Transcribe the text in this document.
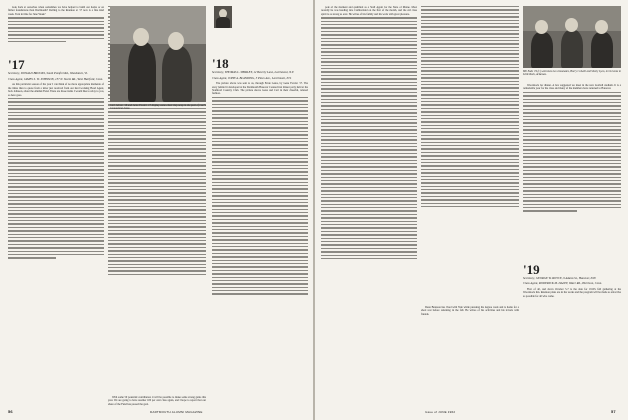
look back at ourselves when sometimes we have helped to build our home or on firmer foundations than Dartmouth? Rolling to the Reunion at '17 now is a fine kind week. Turn in time for June Week?

'17
Secretary, DONALD BROOKS, South Pomfret Rd., Woodstock, Vt.
Class Agent, JAMES S. W. JOHNSON, 137 N. Steele Rd., West Hartford, Conn.

As this particular season of the year I can think of no more appropriate memento of the times than to quote from a letter just received from our hard working Head Agent, Jack Johnson, about the Alumni Fund. There are those items I would like to relay to you, so here goes.

With some 50 potential contributors it will be possible to make some strong gains this year. We are going to have another 100 per cent class again, and I hope to report that our share of the Fund has passed the goal.

Carl Glover '18 and Gene Fowler '17 display some cheer they keep in the pool of Carl's Connecticut home.
'18
Secretary, THOMAS L. SHIRLEY, 12 Beverly Lane, Larchmont, N.Y.
Class Agent, JOHN A. BLANDING, 3 Pines Ave., Larchmont, N.Y.

The picture above was sent to us, through Ernie Gates, by Gene Fowler '17. The story behind it developed at the Dartmouth Hanover Connecticut dinner party held at the Stamford Country Club. The picture shows Gene and Carl in their cheerful, relaxed fashion.

56	DARTMOUTH ALUMNI MAGAZINE

pole of the moment and qualified as a Staff Agent for the State of Maine. Most recently he was heading into Cumberland on the first of the month, and the old class spirit is as strong as ever. He writes of his family and his work with great pleasure.

Dean Brunson has lived with Yale while pursuing his degree work and is home for a short rest before returning in the fall. He writes of his activities and his travels with friends.

Bill Eads '19 (l.) welcomes two classmates, Harry Colwell and Shorty Lyon, to his home in Little Rock, Arkansas.

Woodstock for dinner. A few suggested we meet in the new football stadium. It is a remarkable year for the class and many of the members have returned to Hanover.

'19
Secretary, GEORGE W. ROYCE, 9 Adams St., Hanover, N.H.
Class Agent, RODERICK M. DALEY, Water Rd., Harrison, Conn.

First of all, and down October 5-7 is the date for 1919's full gathering at the Woodstock Inn. Reunion plans are in the works and the program will be made as attractive as possible for all who come.

Issue of JUNE 1962	57
